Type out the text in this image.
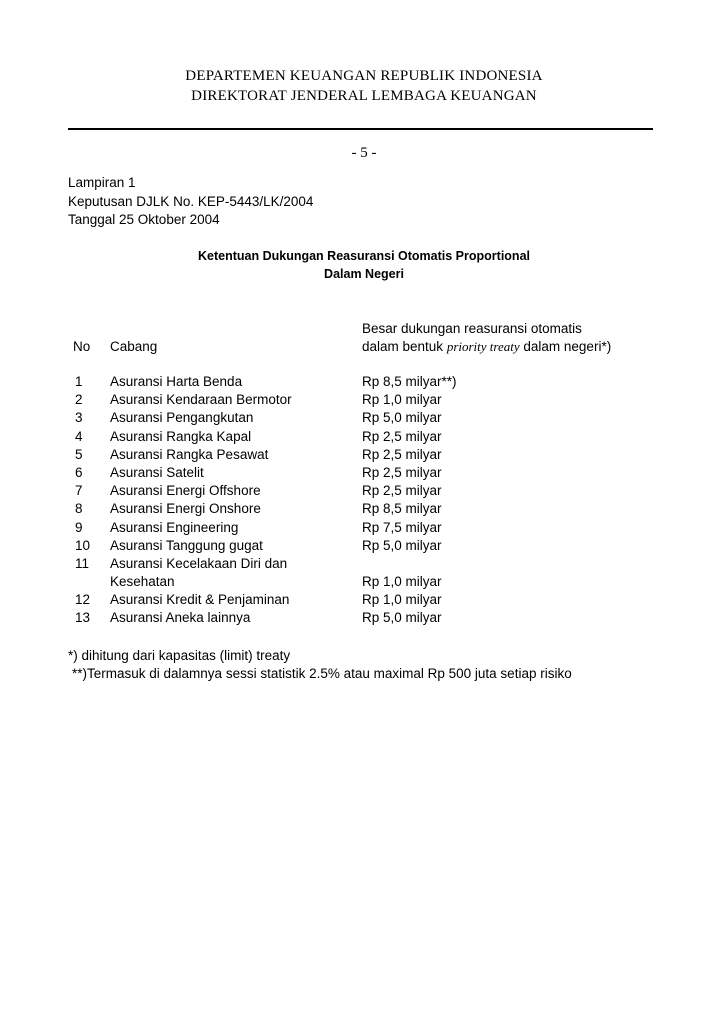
DEPARTEMEN KEUANGAN REPUBLIK INDONESIA
DIREKTORAT JENDERAL LEMBAGA KEUANGAN
- 5 -
Lampiran 1
Keputusan DJLK No. KEP-5443/LK/2004
Tanggal 25 Oktober 2004
Ketentuan Dukungan Reasuransi Otomatis Proportional
Dalam Negeri
No Cabang
Besar dukungan reasuransi otomatis
dalam bentuk priority treaty dalam negeri*)
1 Asuransi Harta Benda	Rp 8,5 milyar**)
2 Asuransi Kendaraan Bermotor	Rp 1,0 milyar
3 Asuransi Pengangkutan	Rp 5,0 milyar
4 Asuransi Rangka Kapal	Rp 2,5 milyar
5 Asuransi Rangka Pesawat	Rp 2,5 milyar
6 Asuransi Satelit	Rp 2,5 milyar
7 Asuransi Energi Offshore	Rp 2,5 milyar
8 Asuransi Energi Onshore	Rp 8,5 milyar
9 Asuransi Engineering	Rp 7,5 milyar
10 Asuransi Tanggung gugat	Rp 5,0 milyar
11 Asuransi Kecelakaan Diri dan
Kesehatan	Rp 1,0 milyar
12 Asuransi Kredit & Penjaminan	Rp 1,0 milyar
13 Asuransi Aneka lainnya	Rp 5,0 milyar
*) dihitung dari kapasitas (limit) treaty
**)Termasuk di dalamnya sessi statistik 2.5% atau maximal Rp 500 juta setiap risiko
